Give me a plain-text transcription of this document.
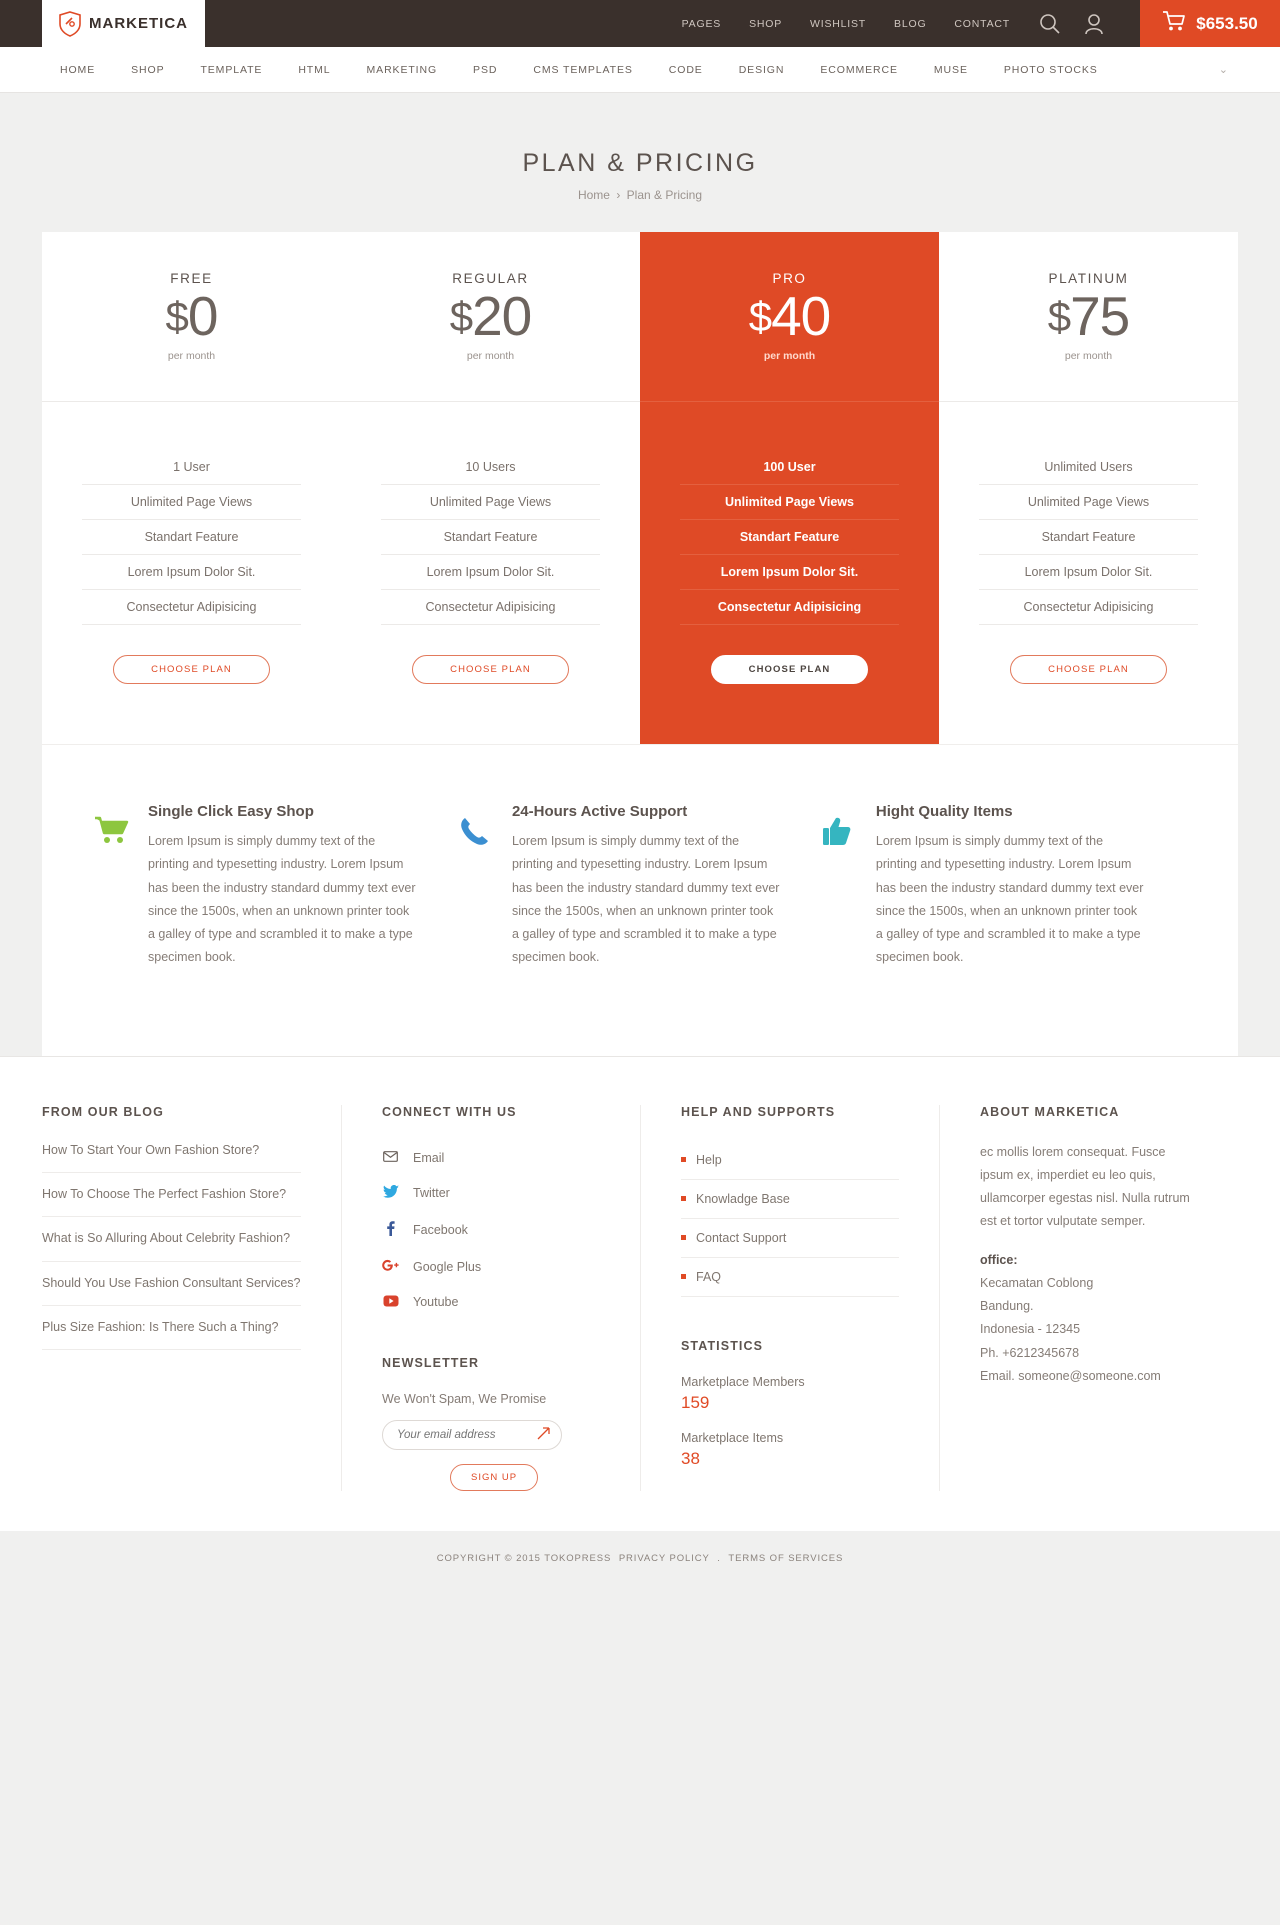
MARKETICA	PAGES	SHOP	WISHLIST	BLOG	CONTACT	$653.50
HOME	SHOP	TEMPLATE	HTML	MARKETING	PSD	CMS TEMPLATES	CODE	DESIGN	ECOMMERCE	MUSE	PHOTO STOCKS	⌄
PLAN & PRICING
Home › Plan & Pricing
FREE
$0
per month
1 User
Unlimited Page Views
Standart Feature
Lorem Ipsum Dolor Sit.
Consectetur Adipisicing
CHOOSE PLAN
REGULAR
$20
per month
10 Users
Unlimited Page Views
Standart Feature
Lorem Ipsum Dolor Sit.
Consectetur Adipisicing
CHOOSE PLAN
PRO
$40
per month
100 User
Unlimited Page Views
Standart Feature
Lorem Ipsum Dolor Sit.
Consectetur Adipisicing
CHOOSE PLAN
PLATINUM
$75
per month
Unlimited Users
Unlimited Page Views
Standart Feature
Lorem Ipsum Dolor Sit.
Consectetur Adipisicing
CHOOSE PLAN
Single Click Easy Shop

Lorem Ipsum is simply dummy text of the printing and typesetting industry. Lorem Ipsum has been the industry standard dummy text ever since the 1500s, when an unknown printer took a galley of type and scrambled it to make a type specimen book.

24-Hours Active Support

Lorem Ipsum is simply dummy text of the printing and typesetting industry. Lorem Ipsum has been the industry standard dummy text ever since the 1500s, when an unknown printer took a galley of type and scrambled it to make a type specimen book.

Hight Quality Items

Lorem Ipsum is simply dummy text of the printing and typesetting industry. Lorem Ipsum has been the industry standard dummy text ever since the 1500s, when an unknown printer took a galley of type and scrambled it to make a type specimen book.

FROM OUR BLOG
How To Start Your Own Fashion Store?
How To Choose The Perfect Fashion Store?
What is So Alluring About Celebrity Fashion?
Should You Use Fashion Consultant Services?
Plus Size Fashion: Is There Such a Thing?
CONNECT WITH US
Email
Twitter
Facebook
Google Plus
Youtube
NEWSLETTER
We Won't Spam, We Promise
Your email address
SIGN UP
HELP AND SUPPORTS
Help
Knowladge Base
Contact Support
FAQ
STATISTICS
Marketplace Members
159
Marketplace Items
38
ABOUT MARKETICA

ec mollis lorem consequat. Fusce ipsum ex, imperdiet eu leo quis, ullamcorper egestas nisl. Nulla rutrum est et tortor vulputate semper.

office:
Kecamatan Coblong
Bandung.
Indonesia - 12345
Ph. +6212345678
Email. someone@someone.com

COPYRIGHT © 2015 TOKOPRESS PRIVACY POLICY . TERMS OF SERVICES
